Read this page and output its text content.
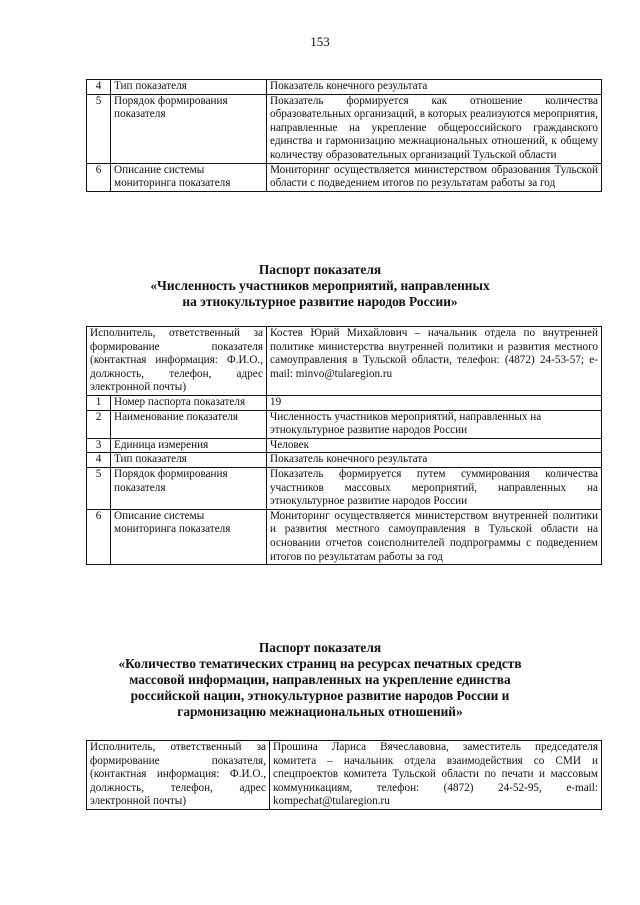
153
4	Тип показателя	Показатель конечного результата
5	Порядок формирования показателя	Показатель формируется как отношение количества образовательных организаций, в которых реализуются мероприятия, направленные на укрепление общероссийского гражданского единства и гармонизацию межнациональных отношений, к общему количеству образовательных организаций Тульской области
6	Описание системы мониторинга показателя	Мониторинг осуществляется министерством образования Тульской области с подведением итогов по результатам работы за год
Паспорт показателя
«Численность участников мероприятий, направленных
на этнокультурное развитие народов России»
Исполнитель, ответственный за формирование показателя (контактная информация: Ф.И.О., должность, телефон, адрес электронной почты)		Костев Юрий Михайлович – начальник отдела по внутренней политике министерства внутренней политики и развития местного самоуправления в Тульской области, телефон: (4872) 24-53-57; e-mail: minvo@tularegion.ru
1	Номер паспорта показателя	19
2	Наименование показателя	Численность участников мероприятий, направленных на этнокультурное развитие народов России
3	Единица измерения	Человек
4	Тип показателя	Показатель конечного результата
5	Порядок формирования показателя	Показатель формируется путем суммирования количества участников массовых мероприятий, направленных на этнокультурное развитие народов России
6	Описание системы мониторинга показателя	Мониторинг осуществляется министерством внутренней политики и развития местного самоуправления в Тульской области на основании отчетов соисполнителей подпрограммы с подведением итогов по результатам работы за год
Паспорт показателя
«Количество тематических страниц на ресурсах печатных средств
массовой информации, направленных на укрепление единства
российской нации, этнокультурное развитие народов России и
гармонизацию межнациональных отношений»
Исполнитель, ответственный за формирование показателя, (контактная информация: Ф.И.О., должность, телефон, адрес электронной почты)	Прошина Лариса Вячеславовна, заместитель председателя комитета – начальник отдела взаимодействия со СМИ и спецпроектов комитета Тульской области по печати и массовым коммуникациям, телефон: (4872) 24-52-95, e-mail: kompechat@tularegion.ru
